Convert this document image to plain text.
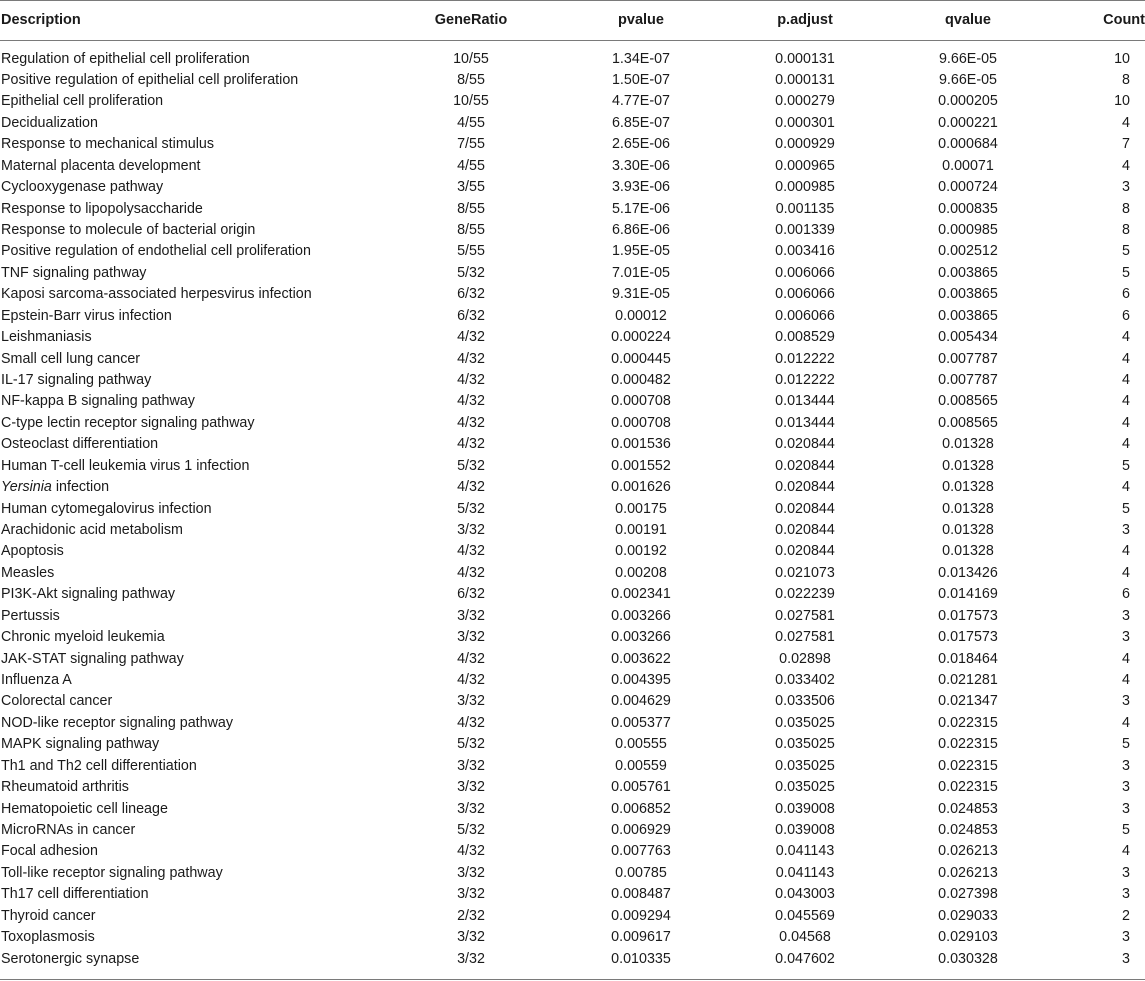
Description	GeneRatio	pvalue	p.adjust	qvalue	Count
Regulation of epithelial cell proliferation	10/55	1.34E-07	0.000131	9.66E-05	10
Positive regulation of epithelial cell proliferation	8/55	1.50E-07	0.000131	9.66E-05	8
Epithelial cell proliferation	10/55	4.77E-07	0.000279	0.000205	10
Decidualization	4/55	6.85E-07	0.000301	0.000221	4
Response to mechanical stimulus	7/55	2.65E-06	0.000929	0.000684	7
Maternal placenta development	4/55	3.30E-06	0.000965	0.00071	4
Cyclooxygenase pathway	3/55	3.93E-06	0.000985	0.000724	3
Response to lipopolysaccharide	8/55	5.17E-06	0.001135	0.000835	8
Response to molecule of bacterial origin	8/55	6.86E-06	0.001339	0.000985	8
Positive regulation of endothelial cell proliferation	5/55	1.95E-05	0.003416	0.002512	5
TNF signaling pathway	5/32	7.01E-05	0.006066	0.003865	5
Kaposi sarcoma-associated herpesvirus infection	6/32	9.31E-05	0.006066	0.003865	6
Epstein-Barr virus infection	6/32	0.00012	0.006066	0.003865	6
Leishmaniasis	4/32	0.000224	0.008529	0.005434	4
Small cell lung cancer	4/32	0.000445	0.012222	0.007787	4
IL-17 signaling pathway	4/32	0.000482	0.012222	0.007787	4
NF-kappa B signaling pathway	4/32	0.000708	0.013444	0.008565	4
C-type lectin receptor signaling pathway	4/32	0.000708	0.013444	0.008565	4
Osteoclast differentiation	4/32	0.001536	0.020844	0.01328	4
Human T-cell leukemia virus 1 infection	5/32	0.001552	0.020844	0.01328	5
Yersinia infection	4/32	0.001626	0.020844	0.01328	4
Human cytomegalovirus infection	5/32	0.00175	0.020844	0.01328	5
Arachidonic acid metabolism	3/32	0.00191	0.020844	0.01328	3
Apoptosis	4/32	0.00192	0.020844	0.01328	4
Measles	4/32	0.00208	0.021073	0.013426	4
PI3K-Akt signaling pathway	6/32	0.002341	0.022239	0.014169	6
Pertussis	3/32	0.003266	0.027581	0.017573	3
Chronic myeloid leukemia	3/32	0.003266	0.027581	0.017573	3
JAK-STAT signaling pathway	4/32	0.003622	0.02898	0.018464	4
Influenza A	4/32	0.004395	0.033402	0.021281	4
Colorectal cancer	3/32	0.004629	0.033506	0.021347	3
NOD-like receptor signaling pathway	4/32	0.005377	0.035025	0.022315	4
MAPK signaling pathway	5/32	0.00555	0.035025	0.022315	5
Th1 and Th2 cell differentiation	3/32	0.00559	0.035025	0.022315	3
Rheumatoid arthritis	3/32	0.005761	0.035025	0.022315	3
Hematopoietic cell lineage	3/32	0.006852	0.039008	0.024853	3
MicroRNAs in cancer	5/32	0.006929	0.039008	0.024853	5
Focal adhesion	4/32	0.007763	0.041143	0.026213	4
Toll-like receptor signaling pathway	3/32	0.00785	0.041143	0.026213	3
Th17 cell differentiation	3/32	0.008487	0.043003	0.027398	3
Thyroid cancer	2/32	0.009294	0.045569	0.029033	2
Toxoplasmosis	3/32	0.009617	0.04568	0.029103	3
Serotonergic synapse	3/32	0.010335	0.047602	0.030328	3
